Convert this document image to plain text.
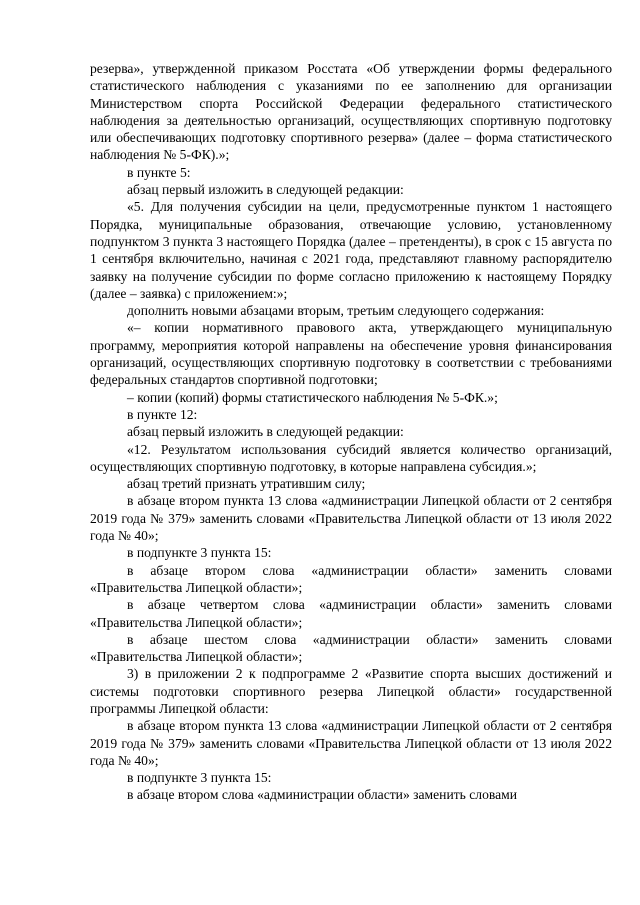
резерва», утвержденной приказом Росстата «Об утверждении формы федерального статистического наблюдения с указаниями по ее заполнению для организации Министерством спорта Российской Федерации федерального статистического наблюдения за деятельностью организаций, осуществляющих спортивную подготовку или обеспечивающих подготовку спортивного резерва» (далее – форма статистического наблюдения № 5-ФК).»;

в пункте 5:

абзац первый изложить в следующей редакции:

«5. Для получения субсидии на цели, предусмотренные пунктом 1 настоящего Порядка, муниципальные образования, отвечающие условию, установленному подпунктом 3 пункта 3 настоящего Порядка (далее – претенденты), в срок с 15 августа по 1 сентября включительно, начиная с 2021 года, представляют главному распорядителю заявку на получение субсидии по форме согласно приложению к настоящему Порядку (далее – заявка) с приложением:»;

дополнить новыми абзацами вторым, третьим следующего содержания:

«– копии нормативного правового акта, утверждающего муниципальную программу, мероприятия которой направлены на обеспечение уровня финансирования организаций, осуществляющих спортивную подготовку в соответствии с требованиями федеральных стандартов спортивной подготовки;

– копии (копий) формы статистического наблюдения № 5-ФК.»;

в пункте 12:

абзац первый изложить в следующей редакции:

«12. Результатом использования субсидий является количество организаций, осуществляющих спортивную подготовку, в которые направлена субсидия.»;

абзац третий признать утратившим силу;

в абзаце втором пункта 13 слова «администрации Липецкой области от 2 сентября 2019 года № 379» заменить словами «Правительства Липецкой области от 13 июля 2022 года № 40»;

в подпункте 3 пункта 15:

в абзаце втором слова «администрации области» заменить словами «Правительства Липецкой области»;

в абзаце четвертом слова «администрации области» заменить словами «Правительства Липецкой области»;

в абзаце шестом слова «администрации области» заменить словами «Правительства Липецкой области»;

3) в приложении 2 к подпрограмме 2 «Развитие спорта высших достижений и системы подготовки спортивного резерва Липецкой области» государственной программы Липецкой области:

в абзаце втором пункта 13 слова «администрации Липецкой области от 2 сентября 2019 года № 379» заменить словами «Правительства Липецкой области от 13 июля 2022 года № 40»;

в подпункте 3 пункта 15:

в абзаце втором слова «администрации области» заменить словами
